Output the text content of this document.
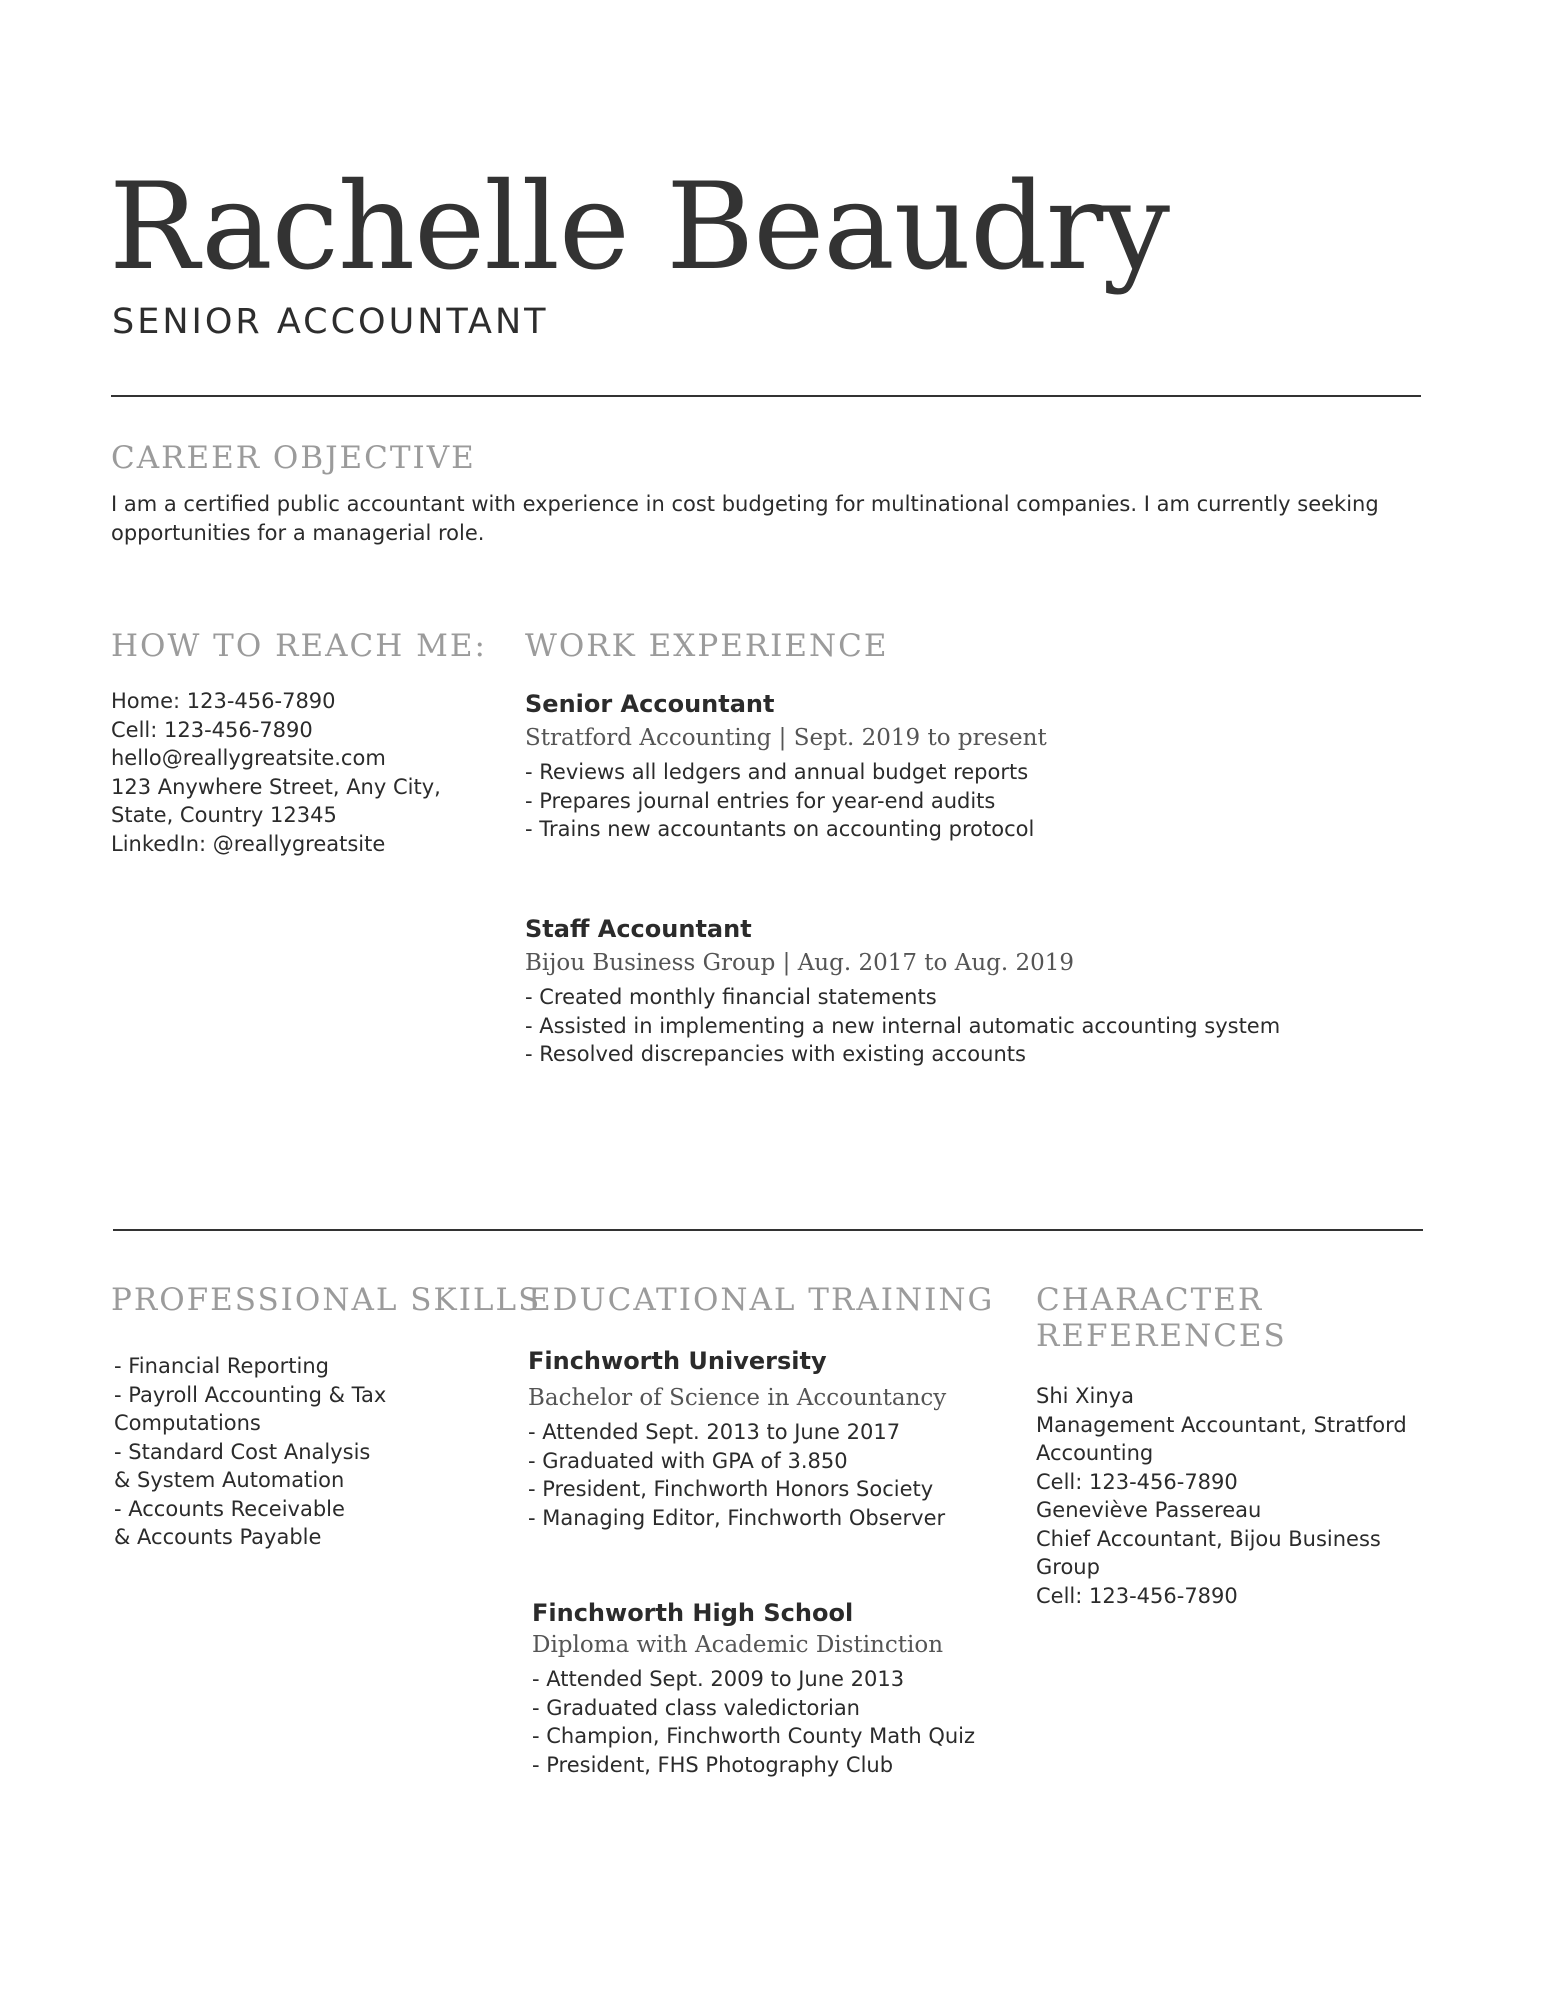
Rachelle Beaudry
SENIOR ACCOUNTANT
CAREER OBJECTIVE
I am a certified public accountant with experience in cost budgeting for multinational companies. I am currently seeking opportunities for a managerial role.
HOW TO REACH ME:
Home: 123-456-7890
Cell: 123-456-7890
hello@reallygreatsite.com
123 Anywhere Street, Any City,
State, Country 12345
LinkedIn: @reallygreatsite
WORK EXPERIENCE
Senior Accountant
Stratford Accounting | Sept. 2019 to present
- Reviews all ledgers and annual budget reports
- Prepares journal entries for year-end audits
- Trains new accountants on accounting protocol
Staff Accountant
Bijou Business Group | Aug. 2017 to Aug. 2019
- Created monthly financial statements
- Assisted in implementing a new internal automatic accounting system
- Resolved discrepancies with existing accounts
PROFESSIONAL SKILLS
- Financial Reporting
- Payroll Accounting & Tax
Computations
- Standard Cost Analysis
& System Automation
- Accounts Receivable
& Accounts Payable
EDUCATIONAL TRAINING
Finchworth University
Bachelor of Science in Accountancy
- Attended Sept. 2013 to June 2017
- Graduated with GPA of 3.850
- President, Finchworth Honors Society
- Managing Editor, Finchworth Observer
Finchworth High School
Diploma with Academic Distinction
- Attended Sept. 2009 to June 2013
- Graduated class valedictorian
- Champion, Finchworth County Math Quiz
- President, FHS Photography Club
CHARACTER
REFERENCES
Shi Xinya
Management Accountant, Stratford
Accounting
Cell: 123-456-7890
Geneviève Passereau
Chief Accountant, Bijou Business
Group
Cell: 123-456-7890
